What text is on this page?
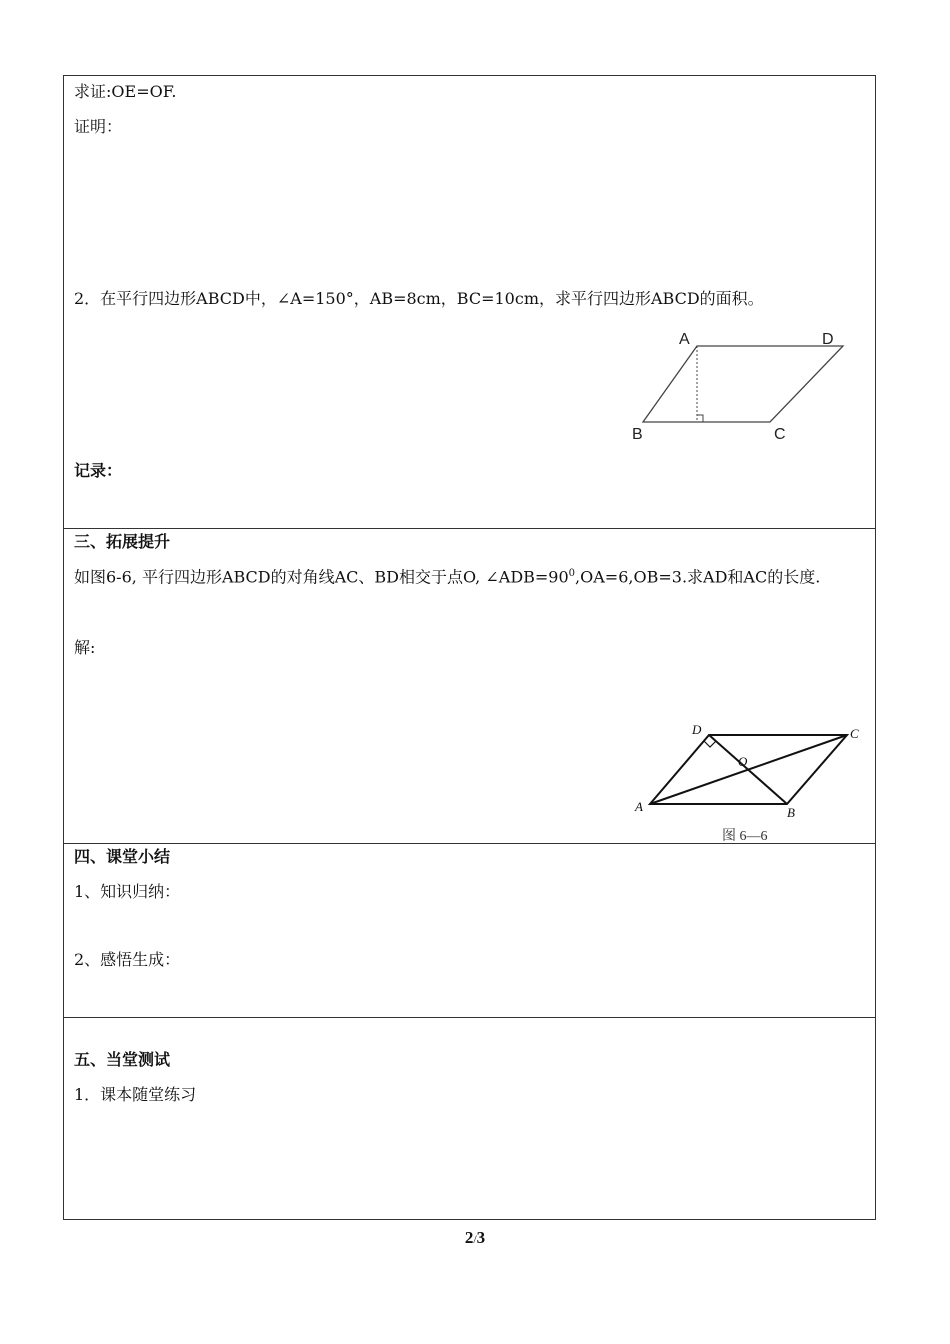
求证:OE=OF.
证明：
2．在平行四边形ABCD中，∠A=150°，AB=8cm，BC=10cm，求平行四边形ABCD的面积。
A	D
B	C
记录：
三、拓展提升
如图6-6, 平行四边形ABCD的对角线AC、BD相交于点O, $\angle ADB=90^0,OA=6,OB=3$.求AD和AC的长度.
解:
D	C
O
A	B
图 6—6
四、课堂小结
1、知识归纳：
2、感悟生成：
五、当堂测试
1．课本随堂练习
2/3
